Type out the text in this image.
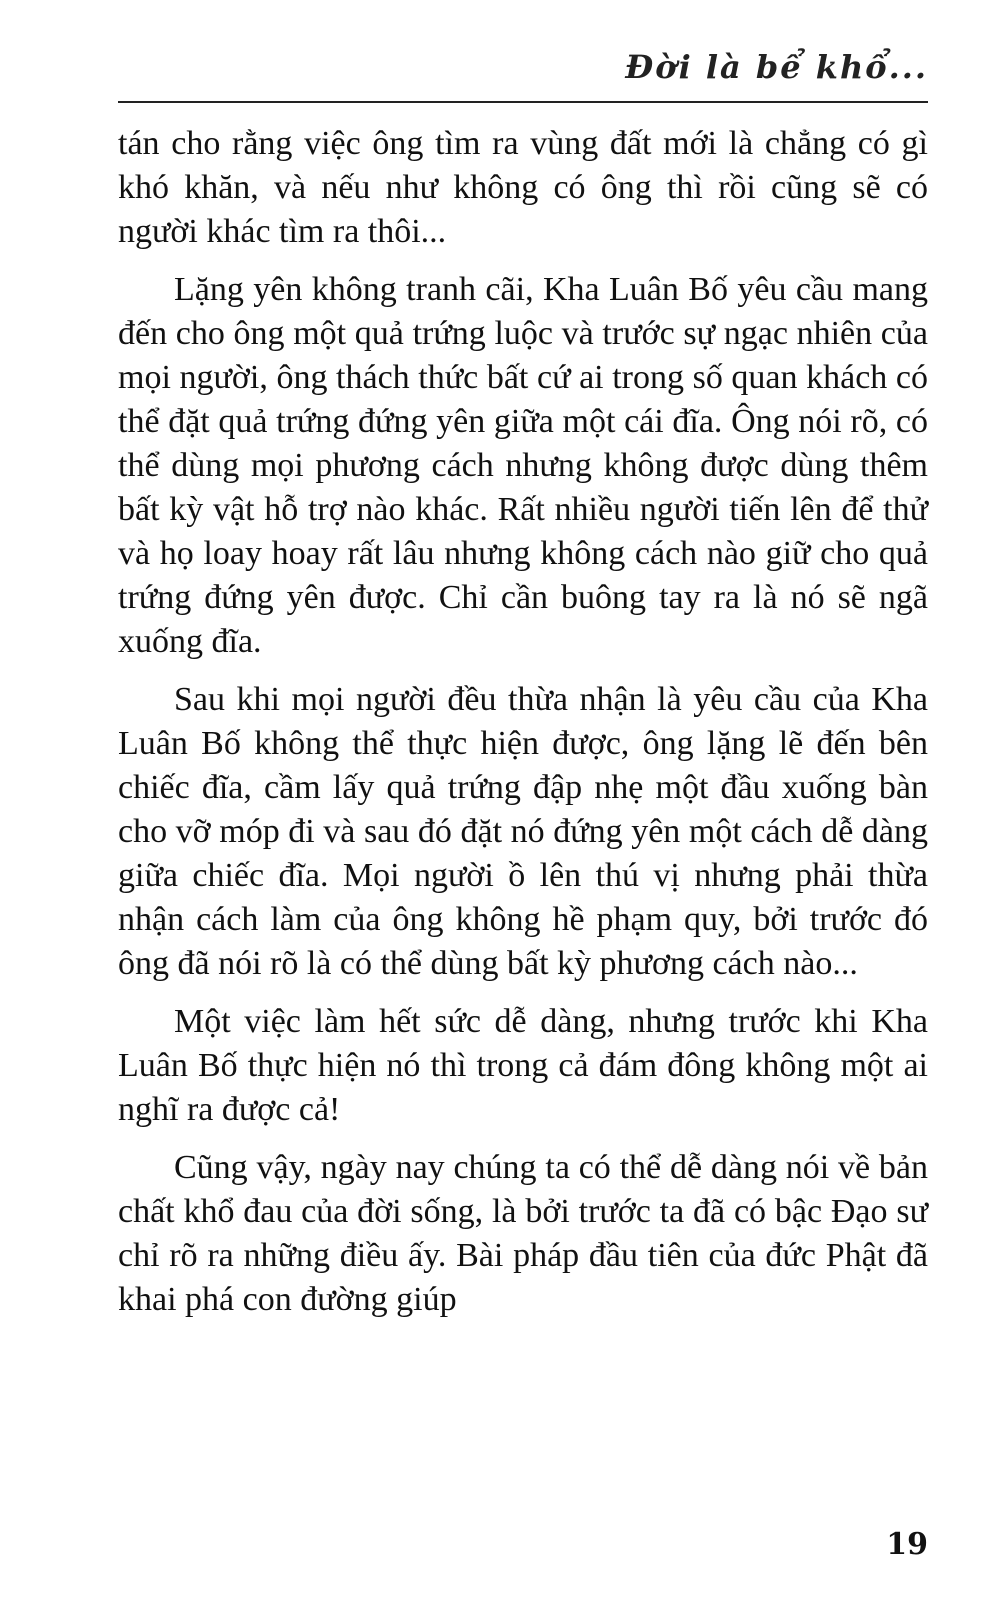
Đời là bể khổ...

tán cho rằng việc ông tìm ra vùng đất mới là chẳng có gì khó khăn, và nếu như không có ông thì rồi cũng sẽ có người khác tìm ra thôi...

Lặng yên không tranh cãi, Kha Luân Bố yêu cầu mang đến cho ông một quả trứng luộc và trước sự ngạc nhiên của mọi người, ông thách thức bất cứ ai trong số quan khách có thể đặt quả trứng đứng yên giữa một cái đĩa. Ông nói rõ, có thể dùng mọi phương cách nhưng không được dùng thêm bất kỳ vật hỗ trợ nào khác. Rất nhiều người tiến lên để thử và họ loay hoay rất lâu nhưng không cách nào giữ cho quả trứng đứng yên được. Chỉ cần buông tay ra là nó sẽ ngã xuống đĩa.

Sau khi mọi người đều thừa nhận là yêu cầu của Kha Luân Bố không thể thực hiện được, ông lặng lẽ đến bên chiếc đĩa, cầm lấy quả trứng đập nhẹ một đầu xuống bàn cho vỡ móp đi và sau đó đặt nó đứng yên một cách dễ dàng giữa chiếc đĩa. Mọi người ồ lên thú vị nhưng phải thừa nhận cách làm của ông không hề phạm quy, bởi trước đó ông đã nói rõ là có thể dùng bất kỳ phương cách nào...

Một việc làm hết sức dễ dàng, nhưng trước khi Kha Luân Bố thực hiện nó thì trong cả đám đông không một ai nghĩ ra được cả!

Cũng vậy, ngày nay chúng ta có thể dễ dàng nói về bản chất khổ đau của đời sống, là bởi trước ta đã có bậc Đạo sư chỉ rõ ra những điều ấy. Bài pháp đầu tiên của đức Phật đã khai phá con đường giúp

19
